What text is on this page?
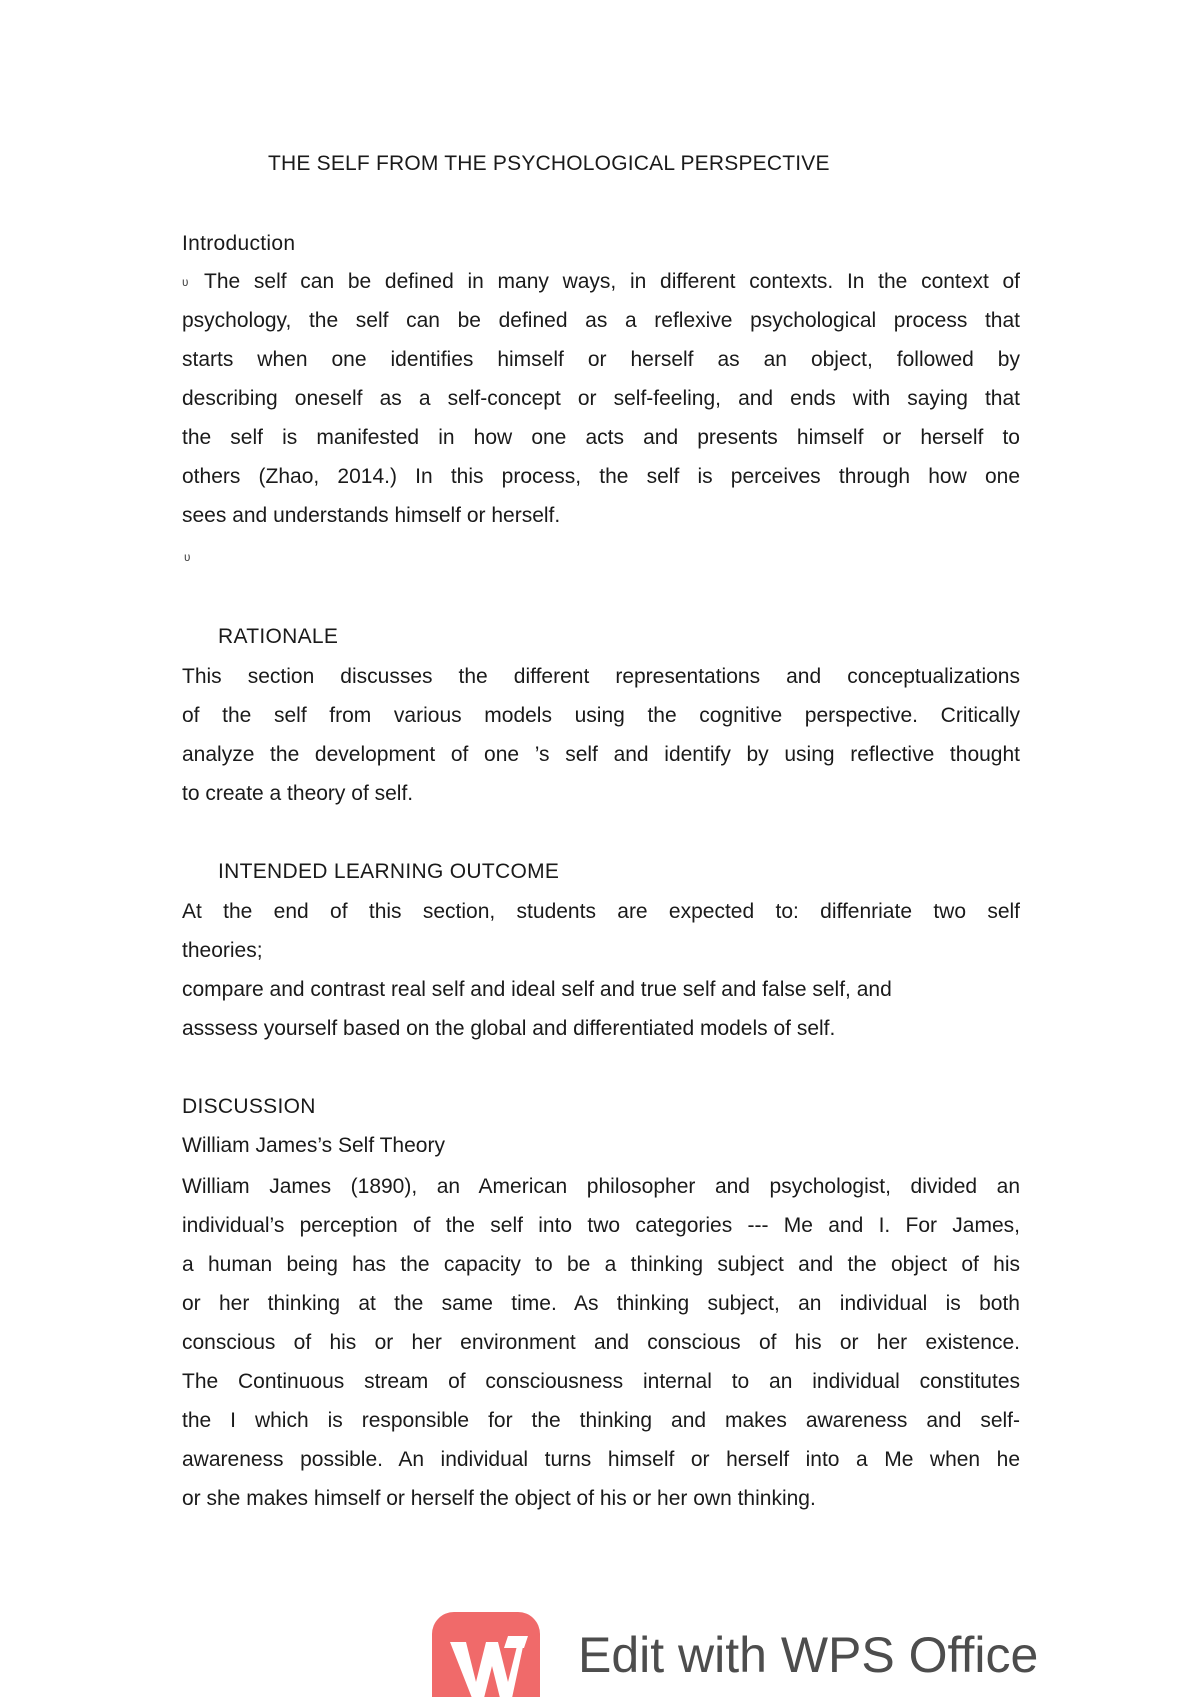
THE SELF FROM THE PSYCHOLOGICAL PERSPECTIVE
Introduction
ʋ The self can be defined in many ways, in different contexts. In the context of
psychology, the self can be defined as a reflexive psychological process that
starts when one identifies himself or herself as an object, followed by
describing oneself as a self-concept or self-feeling, and ends with saying that
the self is manifested in how one acts and presents himself or herself to
others (Zhao, 2014.) In this process, the self is perceives through how one
sees and understands himself or herself.
ʋ
RATIONALE
This section discusses the different representations and conceptualizations
of the self from various models using the cognitive perspective. Critically
analyze the development of one ’s self and identify by using reflective thought
to create a theory of self.
INTENDED LEARNING OUTCOME
At the end of this section, students are expected to: diffenriate two self
theories;
compare and contrast real self and ideal self and true self and false self, and
asssess yourself based on the global and differentiated models of self.
DISCUSSION
William James’s Self Theory
William James (1890), an American philosopher and psychologist, divided an
individual’s perception of the self into two categories --- Me and I. For James,
a human being has the capacity to be a thinking subject and the object of his
or her thinking at the same time. As thinking subject, an individual is both
conscious of his or her environment and conscious of his or her existence.
The Continuous stream of consciousness internal to an individual constitutes
the I which is responsible for the thinking and makes awareness and self-
awareness possible. An individual turns himself or herself into a Me when he
or she makes himself or herself the object of his or her own thinking.
Edit with WPS Office
